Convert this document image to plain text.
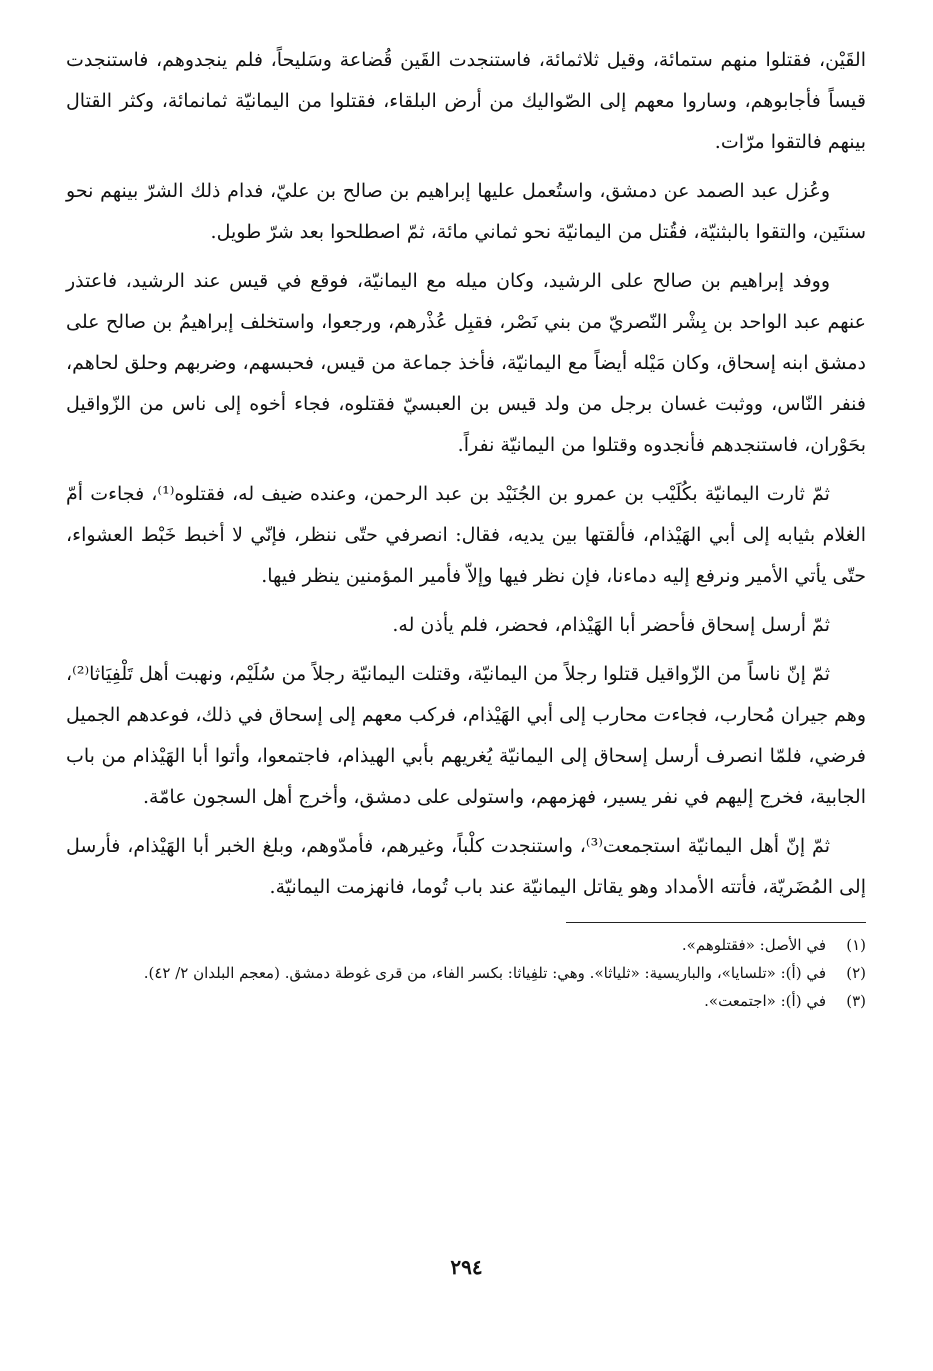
القَيْن، فقتلوا منهم ستمائة، وقيل ثلاثمائة، فاستنجدت القَين قُضاعة وسَليحاً، فلم ينجدوهم، فاستنجدت قيساً فأجابوهم، وساروا معهم إلى الصّواليك من أرض البلقاء، فقتلوا من اليمانيّة ثمانمائة، وكثر القتال بينهم فالتقوا مرّات.

وعُزل عبد الصمد عن دمشق، واستُعمل عليها إبراهيم بن صالح بن عليّ، فدام ذلك الشرّ بينهم نحو سنتَين، والتقوا بالبثنيّة، فقُتل من اليمانيّة نحو ثماني مائة، ثمّ اصطلحوا بعد شرّ طويل.

ووفد إبراهيم بن صالح على الرشيد، وكان ميله مع اليمانيّة، فوقع في قيس عند الرشيد، فاعتذر عنهم عبد الواحد بن بِشْر النّصريّ من بني نَصْر، فقبِل عُذْرهم، ورجعوا، واستخلف إبراهيمُ بن صالح على دمشق ابنه إسحاق، وكان مَيْله أيضاً مع اليمانيّة، فأخذ جماعة من قيس، فحبسهم، وضربهم وحلق لحاهم، فنفر النّاس، ووثبت غسان برجل من ولد قيس بن العبسيّ فقتلوه، فجاء أخوه إلى ناس من الزّواقيل بحَوْران، فاستنجدهم فأنجدوه وقتلوا من اليمانيّة نفراً.

ثمّ ثارت اليمانيّة بكُلَيْب بن عمرو بن الجُنَيْد بن عبد الرحمن، وعنده ضيف له، فقتلوه⁽¹⁾، فجاءت أمّ الغلام بثيابه إلى أبي الهَيْذام، فألقتها بين يديه، فقال: انصرفي حتّى ننظر، فإنّي لا أخبط خَبْط العشواء، حتّى يأتي الأمير ونرفع إليه دماءنا، فإن نظر فيها وإلاّ فأمير المؤمنين ينظر فيها.

ثمّ أرسل إسحاق فأحضر أبا الهَيْذام، فحضر، فلم يأذن له.

ثمّ إنّ ناساً من الزّواقيل قتلوا رجلاً من اليمانيّة، وقتلت اليمانيّة رجلاً من سُلَيْم، ونهبت أهل تَلْفِيَاثا⁽²⁾، وهم جيران مُحارب، فجاءت محارب إلى أبي الهَيْذام، فركب معهم إلى إسحاق في ذلك، فوعدهم الجميل فرضي، فلمّا انصرف أرسل إسحاق إلى اليمانيّة يُغريهم بأبي الهيذام، فاجتمعوا، وأتوا أبا الهَيْذام من باب الجابية، فخرج إليهم في نفر يسير، فهزمهم، واستولى على دمشق، وأخرج أهل السجون عامّة.

ثمّ إنّ أهل اليمانيّة استجمعت⁽³⁾، واستنجدت كلْباً، وغيرهم، فأمدّوهم، وبلغ الخبر أبا الهَيْذام، فأرسل إلى المُضَريّة، فأتته الأمداد وهو يقاتل اليمانيّة عند باب تُوما، فانهزمت اليمانيّة.

(١)
في الأصل: «فقتلوهم».
(٢)
في (أ): «تلسايا»، والباريسية: «ثلياثا». وهي: تلفِياثا: بكسر الفاء، من قرى غوطة دمشق. (معجم البلدان ٢/ ٤٢).
(٣)
في (أ): «اجتمعت».
٢٩٤
